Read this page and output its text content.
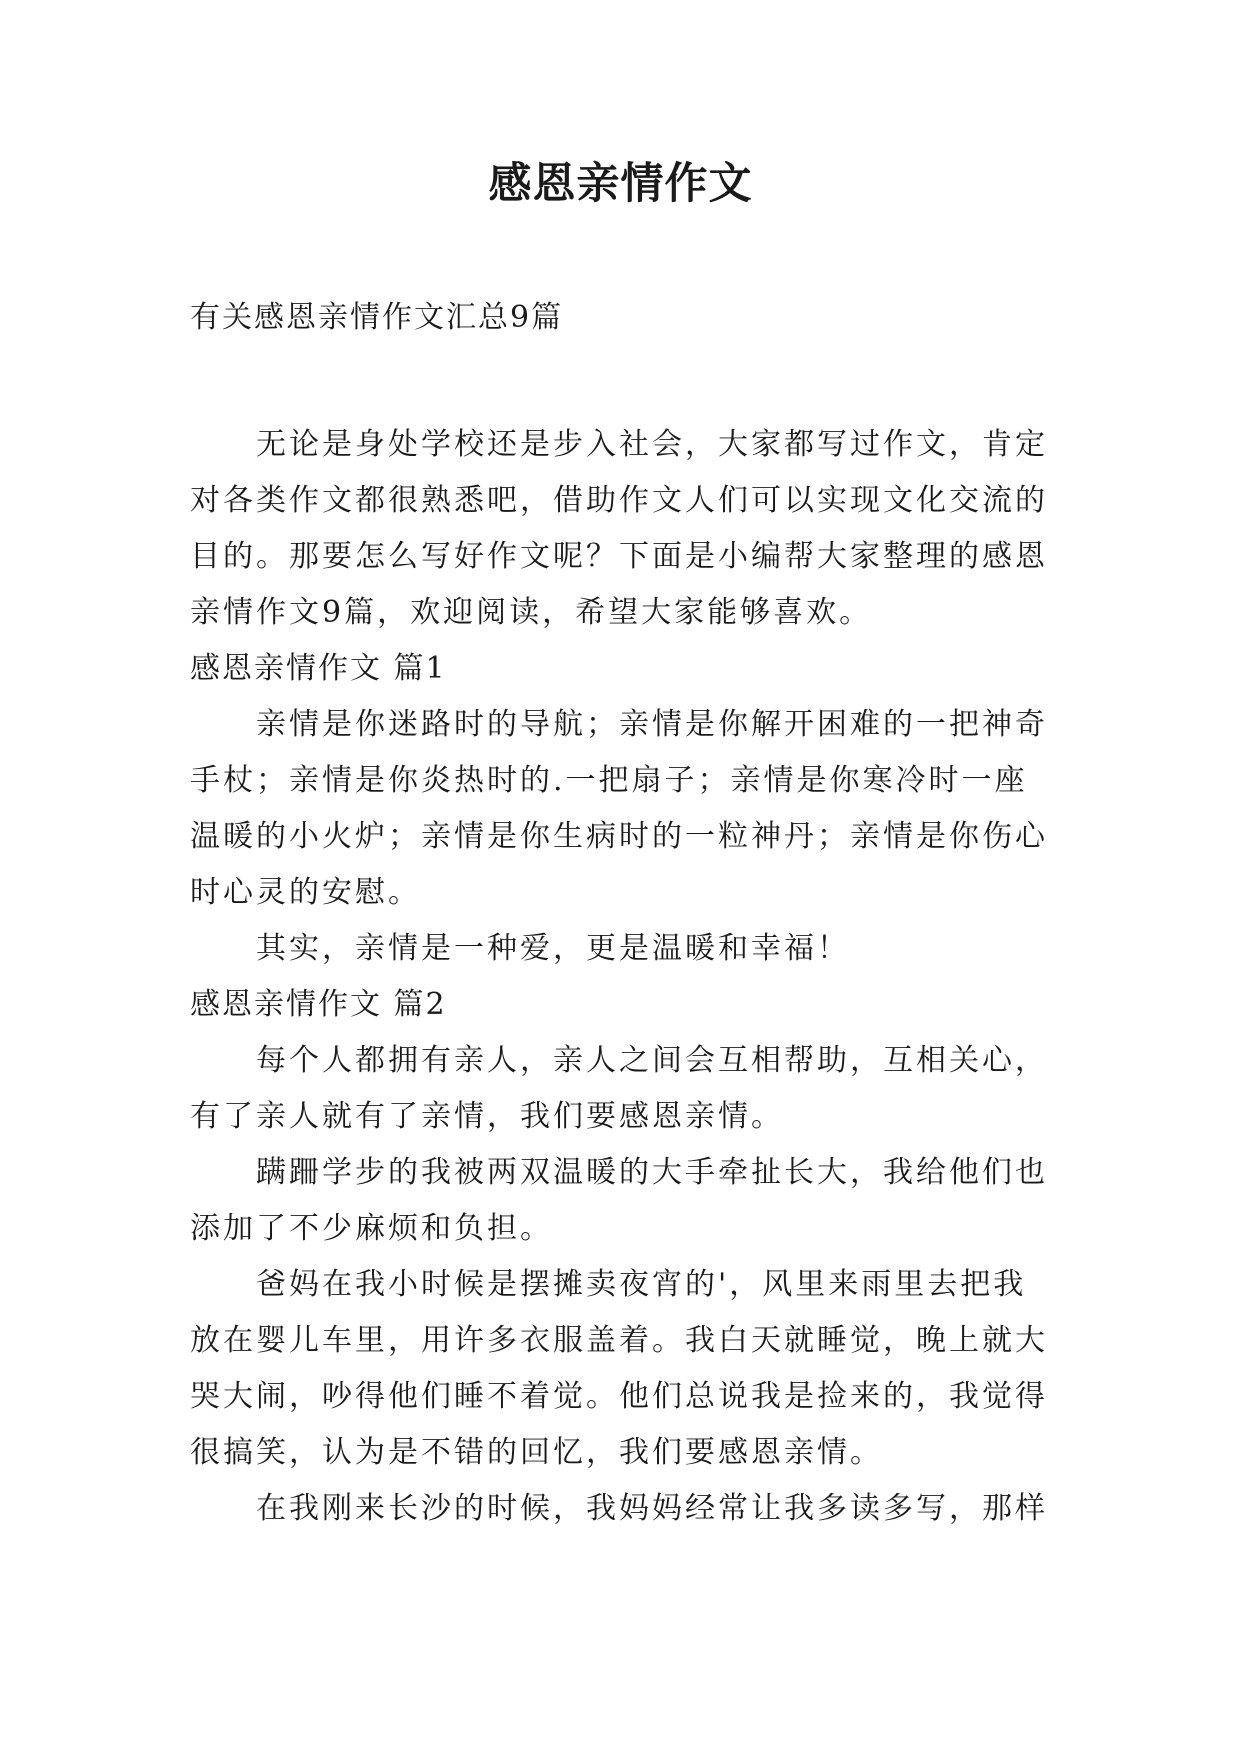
感恩亲情作文
有关感恩亲情作文汇总9篇
无论是身处学校还是步入社会，大家都写过作文，肯定
对各类作文都很熟悉吧，借助作文人们可以实现文化交流的
目的。那要怎么写好作文呢？下面是小编帮大家整理的感恩
亲情作文9篇，欢迎阅读，希望大家能够喜欢。
感恩亲情作文 篇1
亲情是你迷路时的导航；亲情是你解开困难的一把神奇
手杖；亲情是你炎热时的.一把扇子；亲情是你寒冷时一座
温暖的小火炉；亲情是你生病时的一粒神丹；亲情是你伤心
时心灵的安慰。
其实，亲情是一种爱，更是温暖和幸福！
感恩亲情作文 篇2
每个人都拥有亲人，亲人之间会互相帮助，互相关心，
有了亲人就有了亲情，我们要感恩亲情。
蹒跚学步的我被两双温暖的大手牵扯长大，我给他们也
添加了不少麻烦和负担。
爸妈在我小时候是摆摊卖夜宵的'，风里来雨里去把我
放在婴儿车里，用许多衣服盖着。我白天就睡觉，晚上就大
哭大闹，吵得他们睡不着觉。他们总说我是捡来的，我觉得
很搞笑，认为是不错的回忆，我们要感恩亲情。
在我刚来长沙的时候，我妈妈经常让我多读多写，那样
